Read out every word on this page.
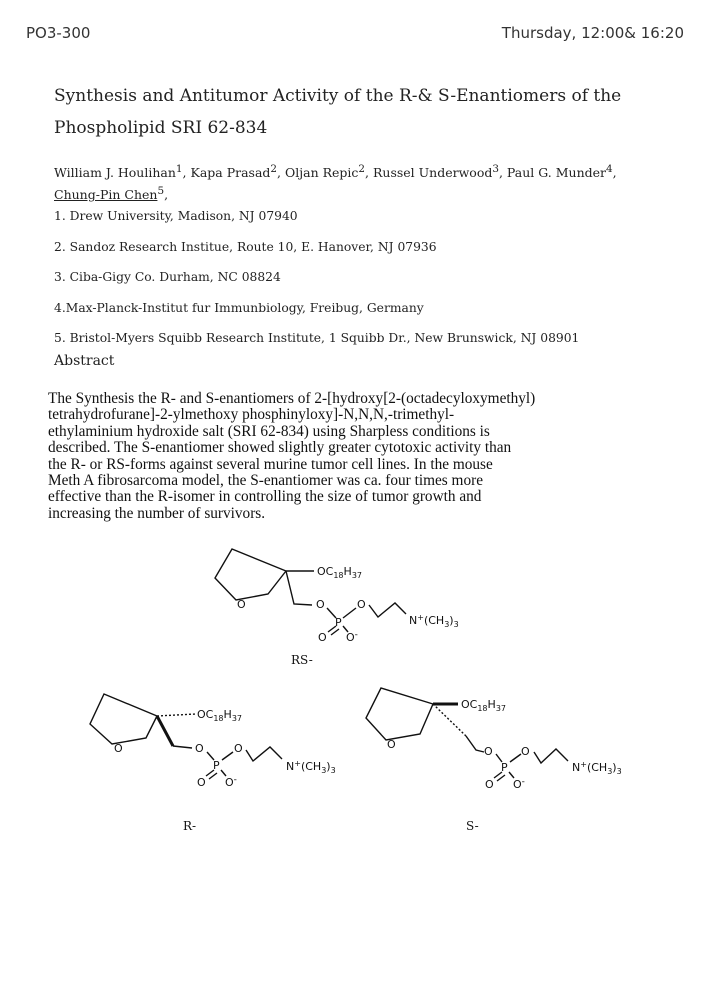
PO3-300	Thursday, 12:00& 16:20
Synthesis and Antitumor Activity of the R-& S-Enantiomers of the
Phospholipid SRI 62-834
William J. Houlihan$^1$, Kapa Prasad$^2$, Oljan Repic$^2$, Russel Underwood$^3$, Paul G. Munder$^4$,
Chung-Pin Chen$^5$,
1. Drew University, Madison, NJ 07940
2. Sandoz Research Institue, Route 10, E. Hanover, NJ 07936
3. Ciba-Gigy Co. Durham, NC 08824
4.Max-Planck-Institut fur Immunbiology, Freibug, Germany
5. Bristol-Myers Squibb Research Institute, 1 Squibb Dr., New Brunswick, NJ 08901
Abstract
The Synthesis the R- and S-enantiomers of 2-[hydroxy[2-(octadecyloxymethyl)
tetrahydrofurane]-2-ylmethoxy phosphinyloxy]-N,N,N,-trimethyl-
ethylaminium hydroxide salt (SRI 62-834) using Sharpless conditions is
described. The S-enantiomer showed slightly greater cytotoxic activity than
the R- or RS-forms against several murine tumor cell lines. In the mouse
Meth A fibrosarcoma model, the S-enantiomer was ca. four times more
effective than the R-isomer in controlling the size of tumor growth and
increasing the number of survivors.
O
$OC_{18}H_{37}$
O
P
O
O O-
$N^+(CH_3)_3$
RS-
O
$OC_{18}H_{37}$
O
P
O
O O-
$N^+(CH_3)_3$
R-
O
$OC_{18}H_{37}$
O
P
O
O O-
$N^+(CH_3)_3$
S-
